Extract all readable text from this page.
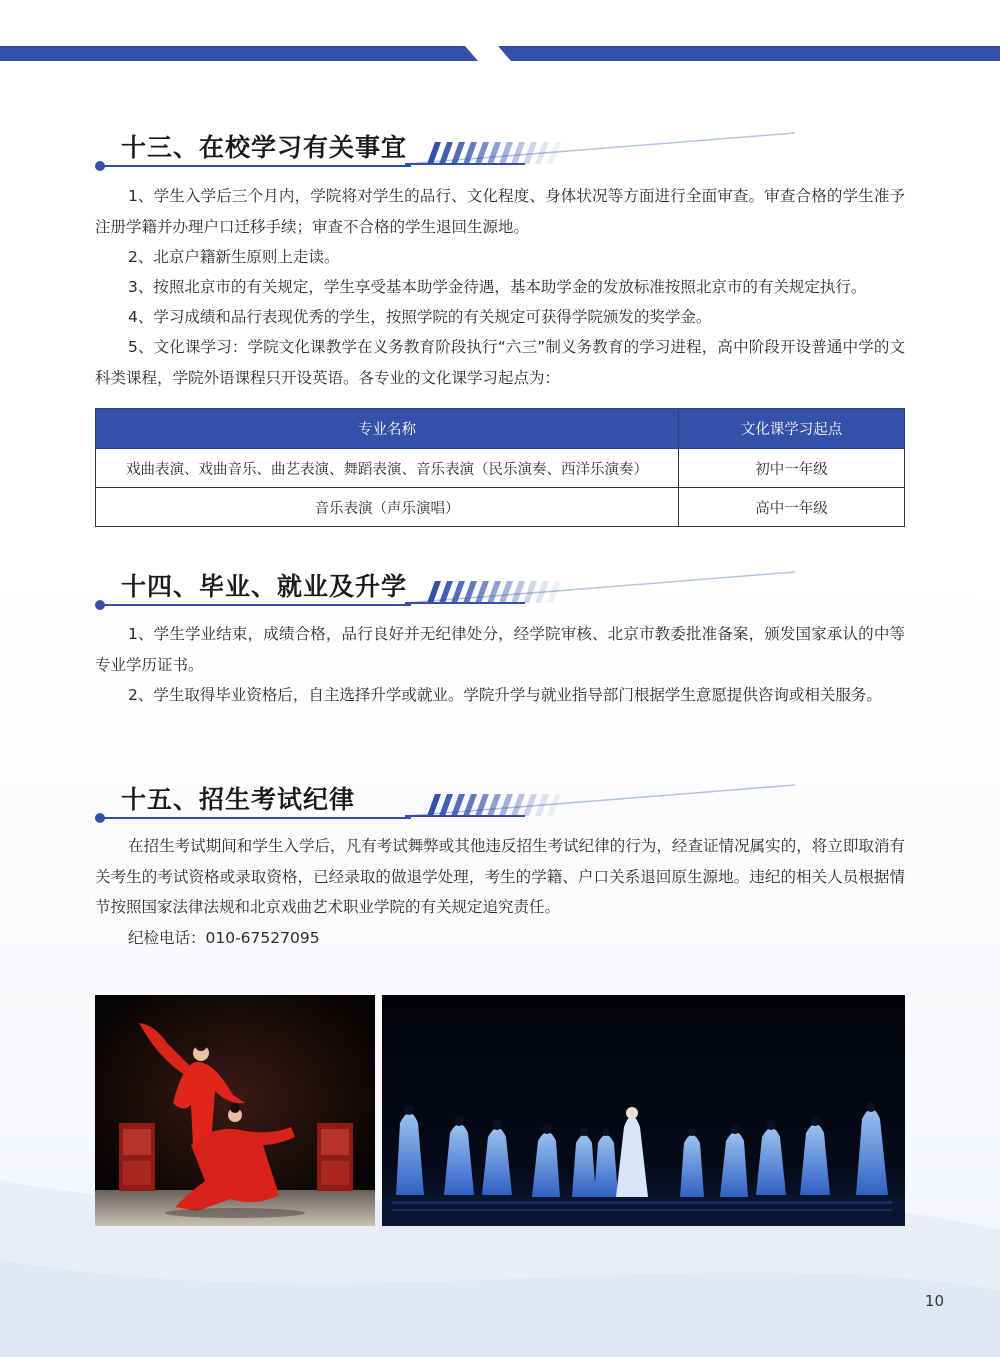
十三、在校学习有关事宜

1、学生入学后三个月内，学院将对学生的品行、文化程度、身体状况等方面进行全面审查。审查合格的学生准予注册学籍并办理户口迁移手续；审查不合格的学生退回生源地。

2、北京户籍新生原则上走读。

3、按照北京市的有关规定，学生享受基本助学金待遇，基本助学金的发放标准按照北京市的有关规定执行。

4、学习成绩和品行表现优秀的学生，按照学院的有关规定可获得学院颁发的奖学金。

5、文化课学习：学院文化课教学在义务教育阶段执行“六三”制义务教育的学习进程，高中阶段开设普通中学的文科类课程，学院外语课程只开设英语。各专业的文化课学习起点为：

专业名称	文化课学习起点
戏曲表演、戏曲音乐、曲艺表演、舞蹈表演、音乐表演（民乐演奏、西洋乐演奏）	初中一年级
音乐表演（声乐演唱）	高中一年级
十四、毕业、就业及升学

1、学生学业结束，成绩合格，品行良好并无纪律处分，经学院审核、北京市教委批准备案，颁发国家承认的中等专业学历证书。

2、学生取得毕业资格后，自主选择升学或就业。学院升学与就业指导部门根据学生意愿提供咨询或相关服务。

十五、招生考试纪律

在招生考试期间和学生入学后，凡有考试舞弊或其他违反招生考试纪律的行为，经查证情况属实的，将立即取消有关考生的考试资格或录取资格，已经录取的做退学处理，考生的学籍、户口关系退回原生源地。违纪的相关人员根据情节按照国家法律法规和北京戏曲艺术职业学院的有关规定追究责任。

纪检电话：010-67527095

10
